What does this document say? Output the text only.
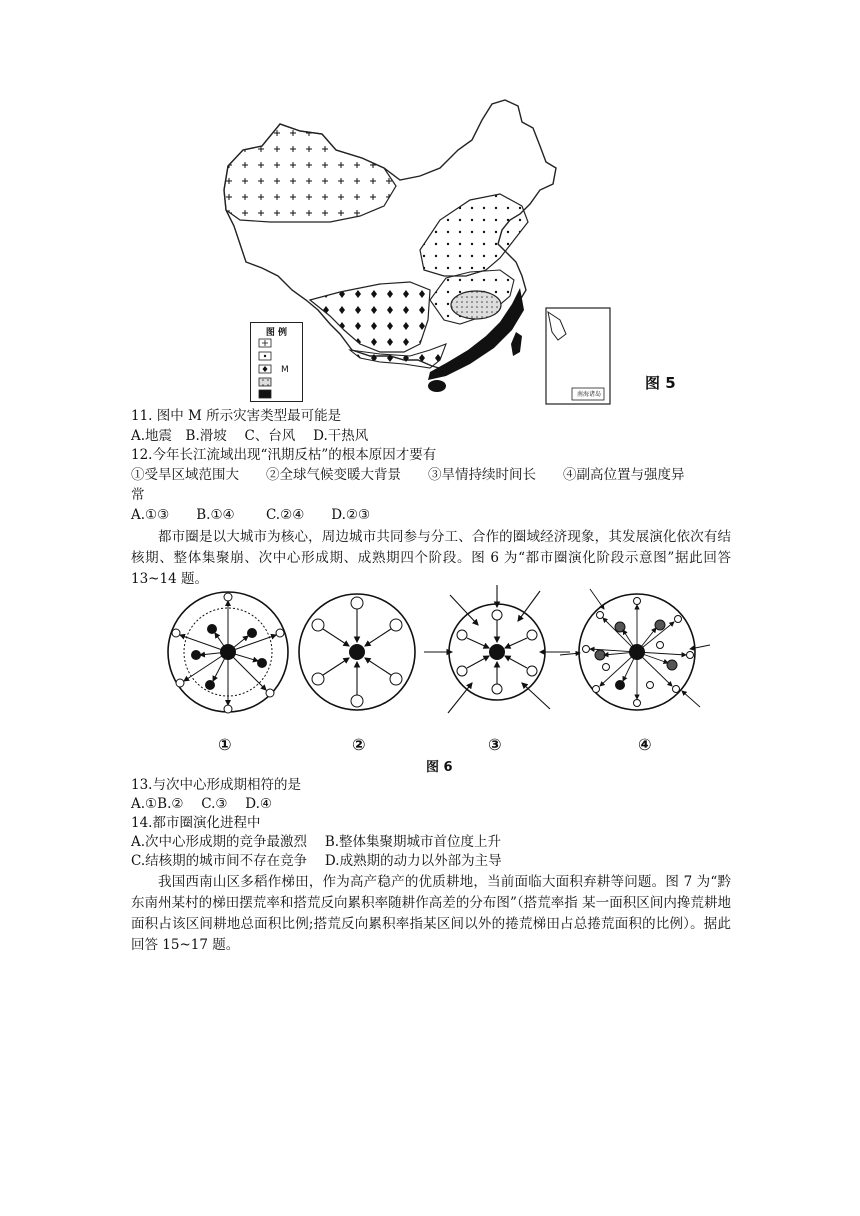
南海诸岛
图 例
M
图 5
11. 图中 M 所示灾害类型最可能是
A.地震　B.滑坡　 C、台风　 D.干热风
12.今年长江流域出现“汛期反枯”的根本原因才要有
①受旱区域范围大　　②全球气候变暖大背景　　③旱情持续时间长　　④副高位置与强度异
常
A.①③　　B.①④　　 C.②④　　D.②③
都市圈是以大城市为核心，周边城市共同参与分工、合作的圈域经济现象，其发展演化依次有结核期、整体集聚崩、次中心形成期、成熟期四个阶段。图 6 为“都市圈演化阶段示意图”据此回答 13~14 题。
①	②	③	④
图 6
13.与次中心形成期相符的是
A.①B.②　 C.③　 D.④
14.都市圈演化进程中
A.次中心形成期的竞争最激烈　 B.整体集聚期城市首位度上升
C.结核期的城市间不存在竞争　 D.成熟期的动力以外部为主导
我国西南山区多稻作梯田，作为高产稳产的优质耕地，当前面临大面积弃耕等问题。图 7 为“黔东南州某村的梯田摆荒率和搭荒反向累积率随耕作高差的分布图”（搭荒率指 某一面积区间内搀荒耕地面积占该区间耕地总面积比例;搭荒反向累积率指某区间以外的捲荒梯田占总捲荒面积的比例）。据此回答 15~17 题。
